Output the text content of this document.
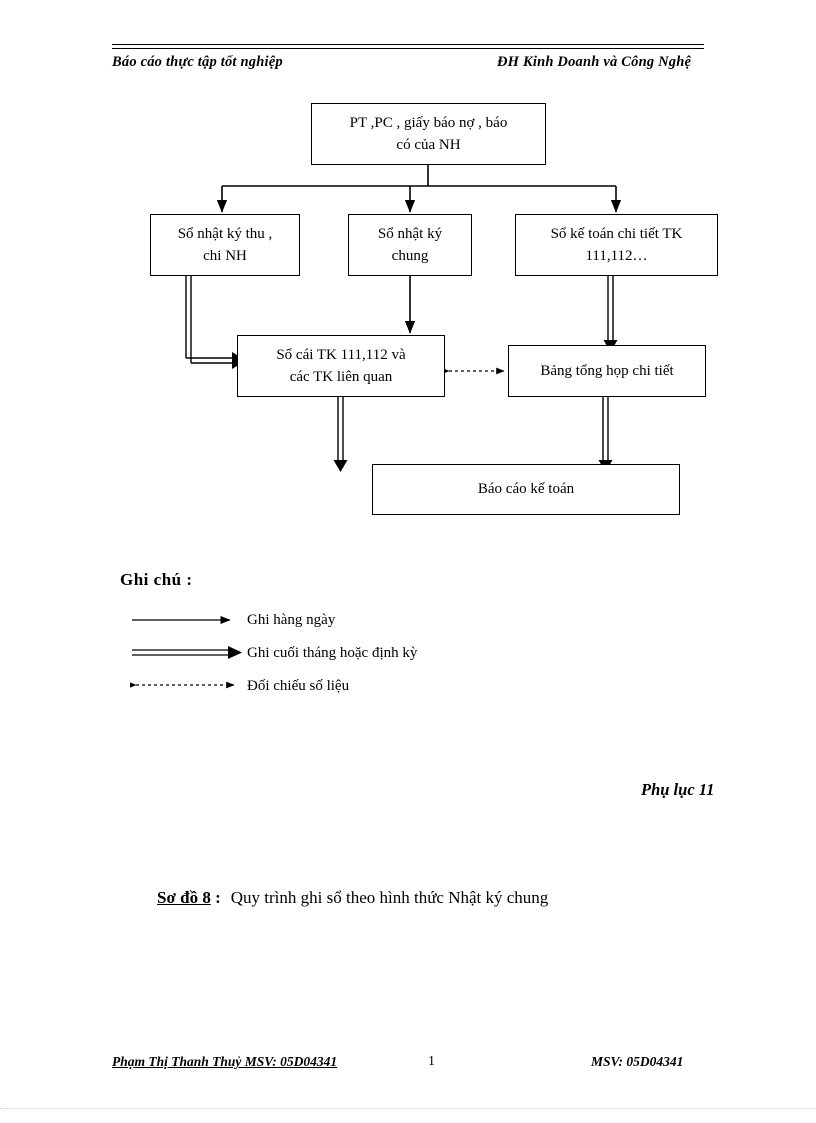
Báo cáo thực tập tốt nghiệp	ĐH Kinh Doanh và Công Nghệ
PT ,PC , giấy báo nợ , báo
có của NH
Sổ nhật ký thu ,
chi NH
Sổ nhật ký
chung
Sổ kế toán chi tiết TK
111,112…
Sổ cái TK 111,112 và
các TK liên quan	Bảng tổng họp chi tiết
Báo cáo kế toán
Ghi chú :
Ghi hàng ngày
Ghi cuối tháng hoặc định kỳ
Đối chiếu số liệu
Phụ lục 11
Sơ đồ 8 : Quy trình ghi sổ theo hình thức Nhật ký chung
Phạm Thị Thanh Thuỷ MSV: 05D04341	1	MSV: 05D04341
